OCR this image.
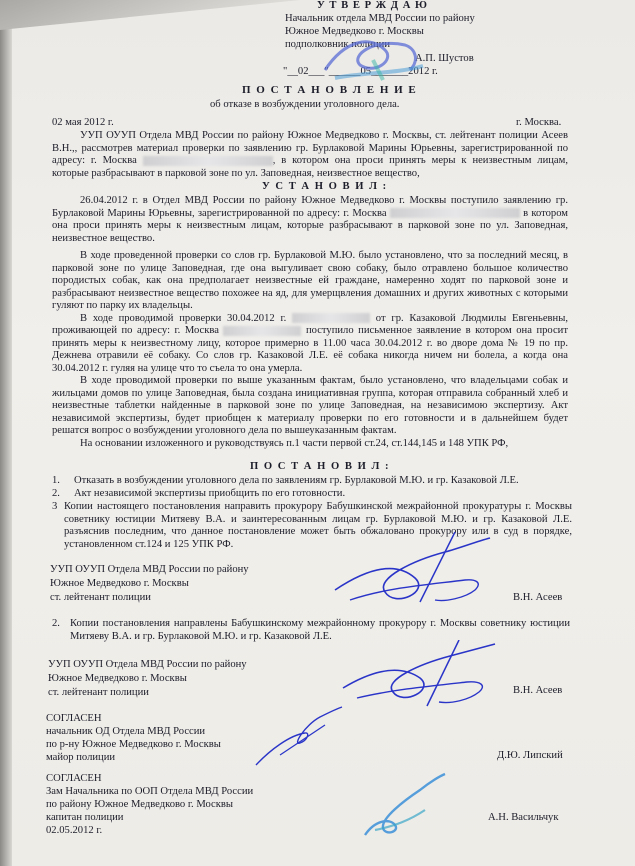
У Т В Е Р Ж Д А Ю
Начальник отдела МВД России по району
Южное Медведково г. Москвы
подполковник полиции
А.П. Шустов
"__02___"______05_______2012 г.
П О С Т А Н О В Л Е Н И Е
об отказе в возбуждении уголовного дела.
02 мая 2012 г.	г. Москва.

УУП ОУУП Отдела МВД России по району Южное Медведково г. Москвы, ст. лейтенант полиции Асеев В.Н.,, рассмотрев материал проверки по заявлению гр. Бурлаковой Марины Юрьевны, зарегистрированной по адресу: г. Москва	, в котором она проси принять меры к неизвестным лицам, которые разбрасывают в парковой зоне по ул. Заповедная, неизвестное вещество,

У С Т А Н О В И Л :

26.04.2012 г. в Отдел МВД России по району Южное Медведково г. Москвы поступило заявлению гр. Бурлаковой Марины Юрьевны, зарегистрированной по адресу: г. Москва	в котором она проси принять меры к неизвестным лицам, которые разбрасывают в парковой зоне по ул. Заповедная, неизвестное вещество.

В ходе проведенной проверки со слов гр. Бурлаковой М.Ю. было установлено, что за последний месяц, в парковой зоне по улице Заповедная, где она выгуливает свою собаку, было отравлено большое количество породистых собак, как она предполагает неизвестные ей граждане, намеренно ходят по парковой зоне и разбрасывают неизвестное вещество похожее на яд, для умерщвления домашних и других животных с которыми гуляют по парку их владельцы.

В ходе проводимой проверки 30.04.2012 г.	от гр. Казаковой Людмилы Евгеньевны, проживающей по адресу: г. Москва	поступило письменное заявление в котором она просит принять меры к неизвестному лицу, которое примерно в 11.00 часа 30.04.2012 г. во дворе дома № 19 по пр. Дежнева отравили её собаку. Со слов гр. Казаковой Л.Е. её собака никогда ничем ни болела, а когда она 30.04.2012 г. гуляя на улице что то съела то она умерла.

В ходе проводимой проверки по выше указанным фактам, было установлено, что владельцами собак и жильцами домов по улице Заповедная, была создана инициативная группа, которая отправила собранный хлеб и неизвестные таблетки найденные в парковой зоне по улице Заповедная, на независимою экспертизу. Акт независимой экспертизы, будет приобщен к материалу проверки по его готовности и в дальнейшем будет решатся вопрос о возбуждении уголовного дела по вышеуказанным фактам.

На основании изложенного и руководствуясь п.1 части первой ст.24, ст.144,145 и 148 УПК РФ,

П О С Т А Н О В И Л :
1. Отказать в возбуждении уголовного дела по заявлениям гр. Бурлаковой М.Ю. и гр. Казаковой Л.Е.
2. Акт независимой экспертизы приобщить по его готовности.
3 Копии настоящего постановления направить прокурору Бабушкинской межрайонной прокуратуры г. Москвы советнику юстиции Митяеву В.А. и заинтересованным лицам гр. Бурлаковой М.Ю. и гр. Казаковой Л.Е. разъяснив последним, что данное постановление может быть обжаловано прокурору или в суд в порядке, установленном ст.124 и 125 УПК РФ.
УУП ОУУП Отдела МВД России по району
Южное Медведково г. Москвы
ст. лейтенант полиции	В.Н. Асеев
2. Копии постановления направлены Бабушкинскому межрайонному прокурору г. Москвы советнику юстиции Митяеву В.А. и гр. Бурлаковой М.Ю. и гр. Казаковой Л.Е.
УУП ОУУП Отдела МВД России по району
Южное Медведково г. Москвы
ст. лейтенант полиции	В.Н. Асеев
СОГЛАСЕН
начальник ОД Отдела МВД России
по р-ну Южное Медведково г. Москвы
майор полиции	Д.Ю. Липский
СОГЛАСЕН
Зам Начальника по ООП Отдела МВД России
по району Южное Медведково г. Москвы
капитан полиции
02.05.2012 г.
А.Н. Васильчук
